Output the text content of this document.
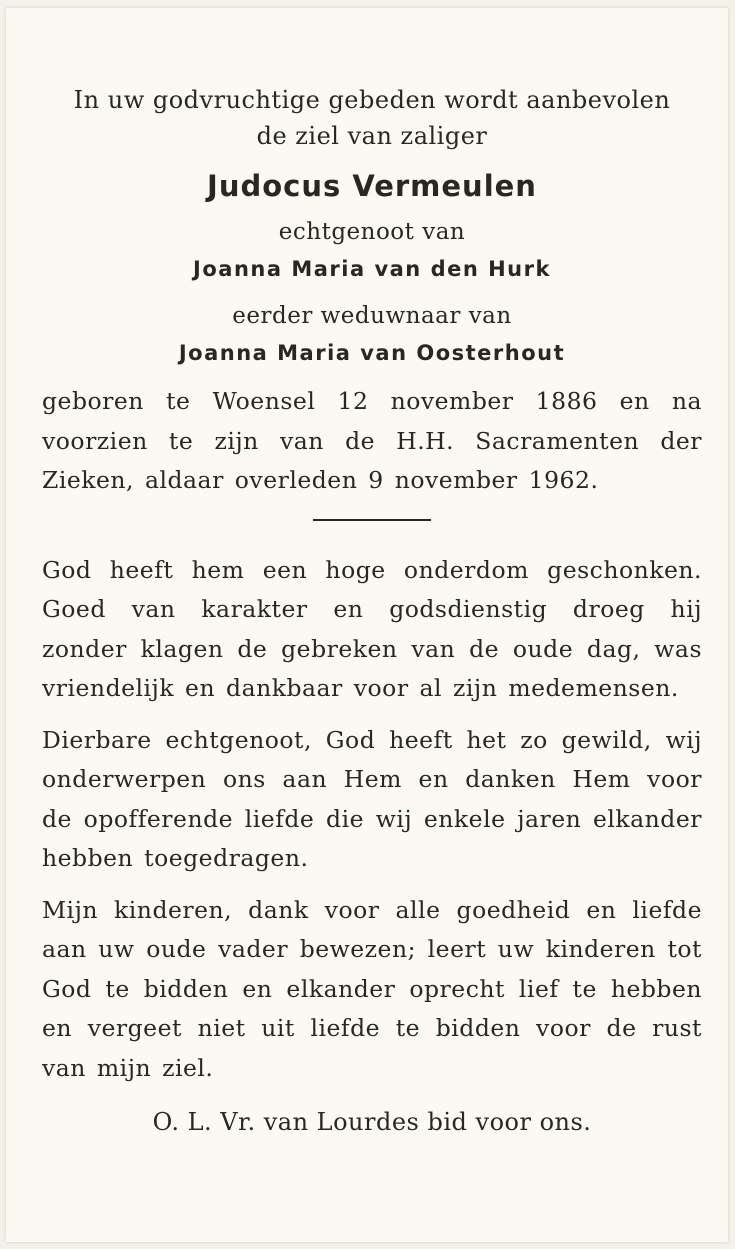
In uw godvruchtige gebeden wordt aanbevolen

de ziel van zaliger

Judocus Vermeulen

echtgenoot van

Joanna Maria van den Hurk

eerder weduwnaar van

Joanna Maria van Oosterhout

geboren te Woensel 12 november 1886 en na voorzien te zijn van de H.H. Sacramenten der Zieken, aldaar overleden 9 november 1962.

God heeft hem een hoge onderdom geschonken. Goed van karakter en godsdienstig droeg hij zonder klagen de gebreken van de oude dag, was vriendelijk en dankbaar voor al zijn medemensen.

Dierbare echtgenoot, God heeft het zo gewild, wij onderwerpen ons aan Hem en danken Hem voor de opofferende liefde die wij enkele jaren elkander hebben toegedragen.

Mijn kinderen, dank voor alle goedheid en liefde aan uw oude vader bewezen; leert uw kinderen tot God te bidden en elkander oprecht lief te hebben en vergeet niet uit liefde te bidden voor de rust van mijn ziel.

O. L. Vr. van Lourdes bid voor ons.
